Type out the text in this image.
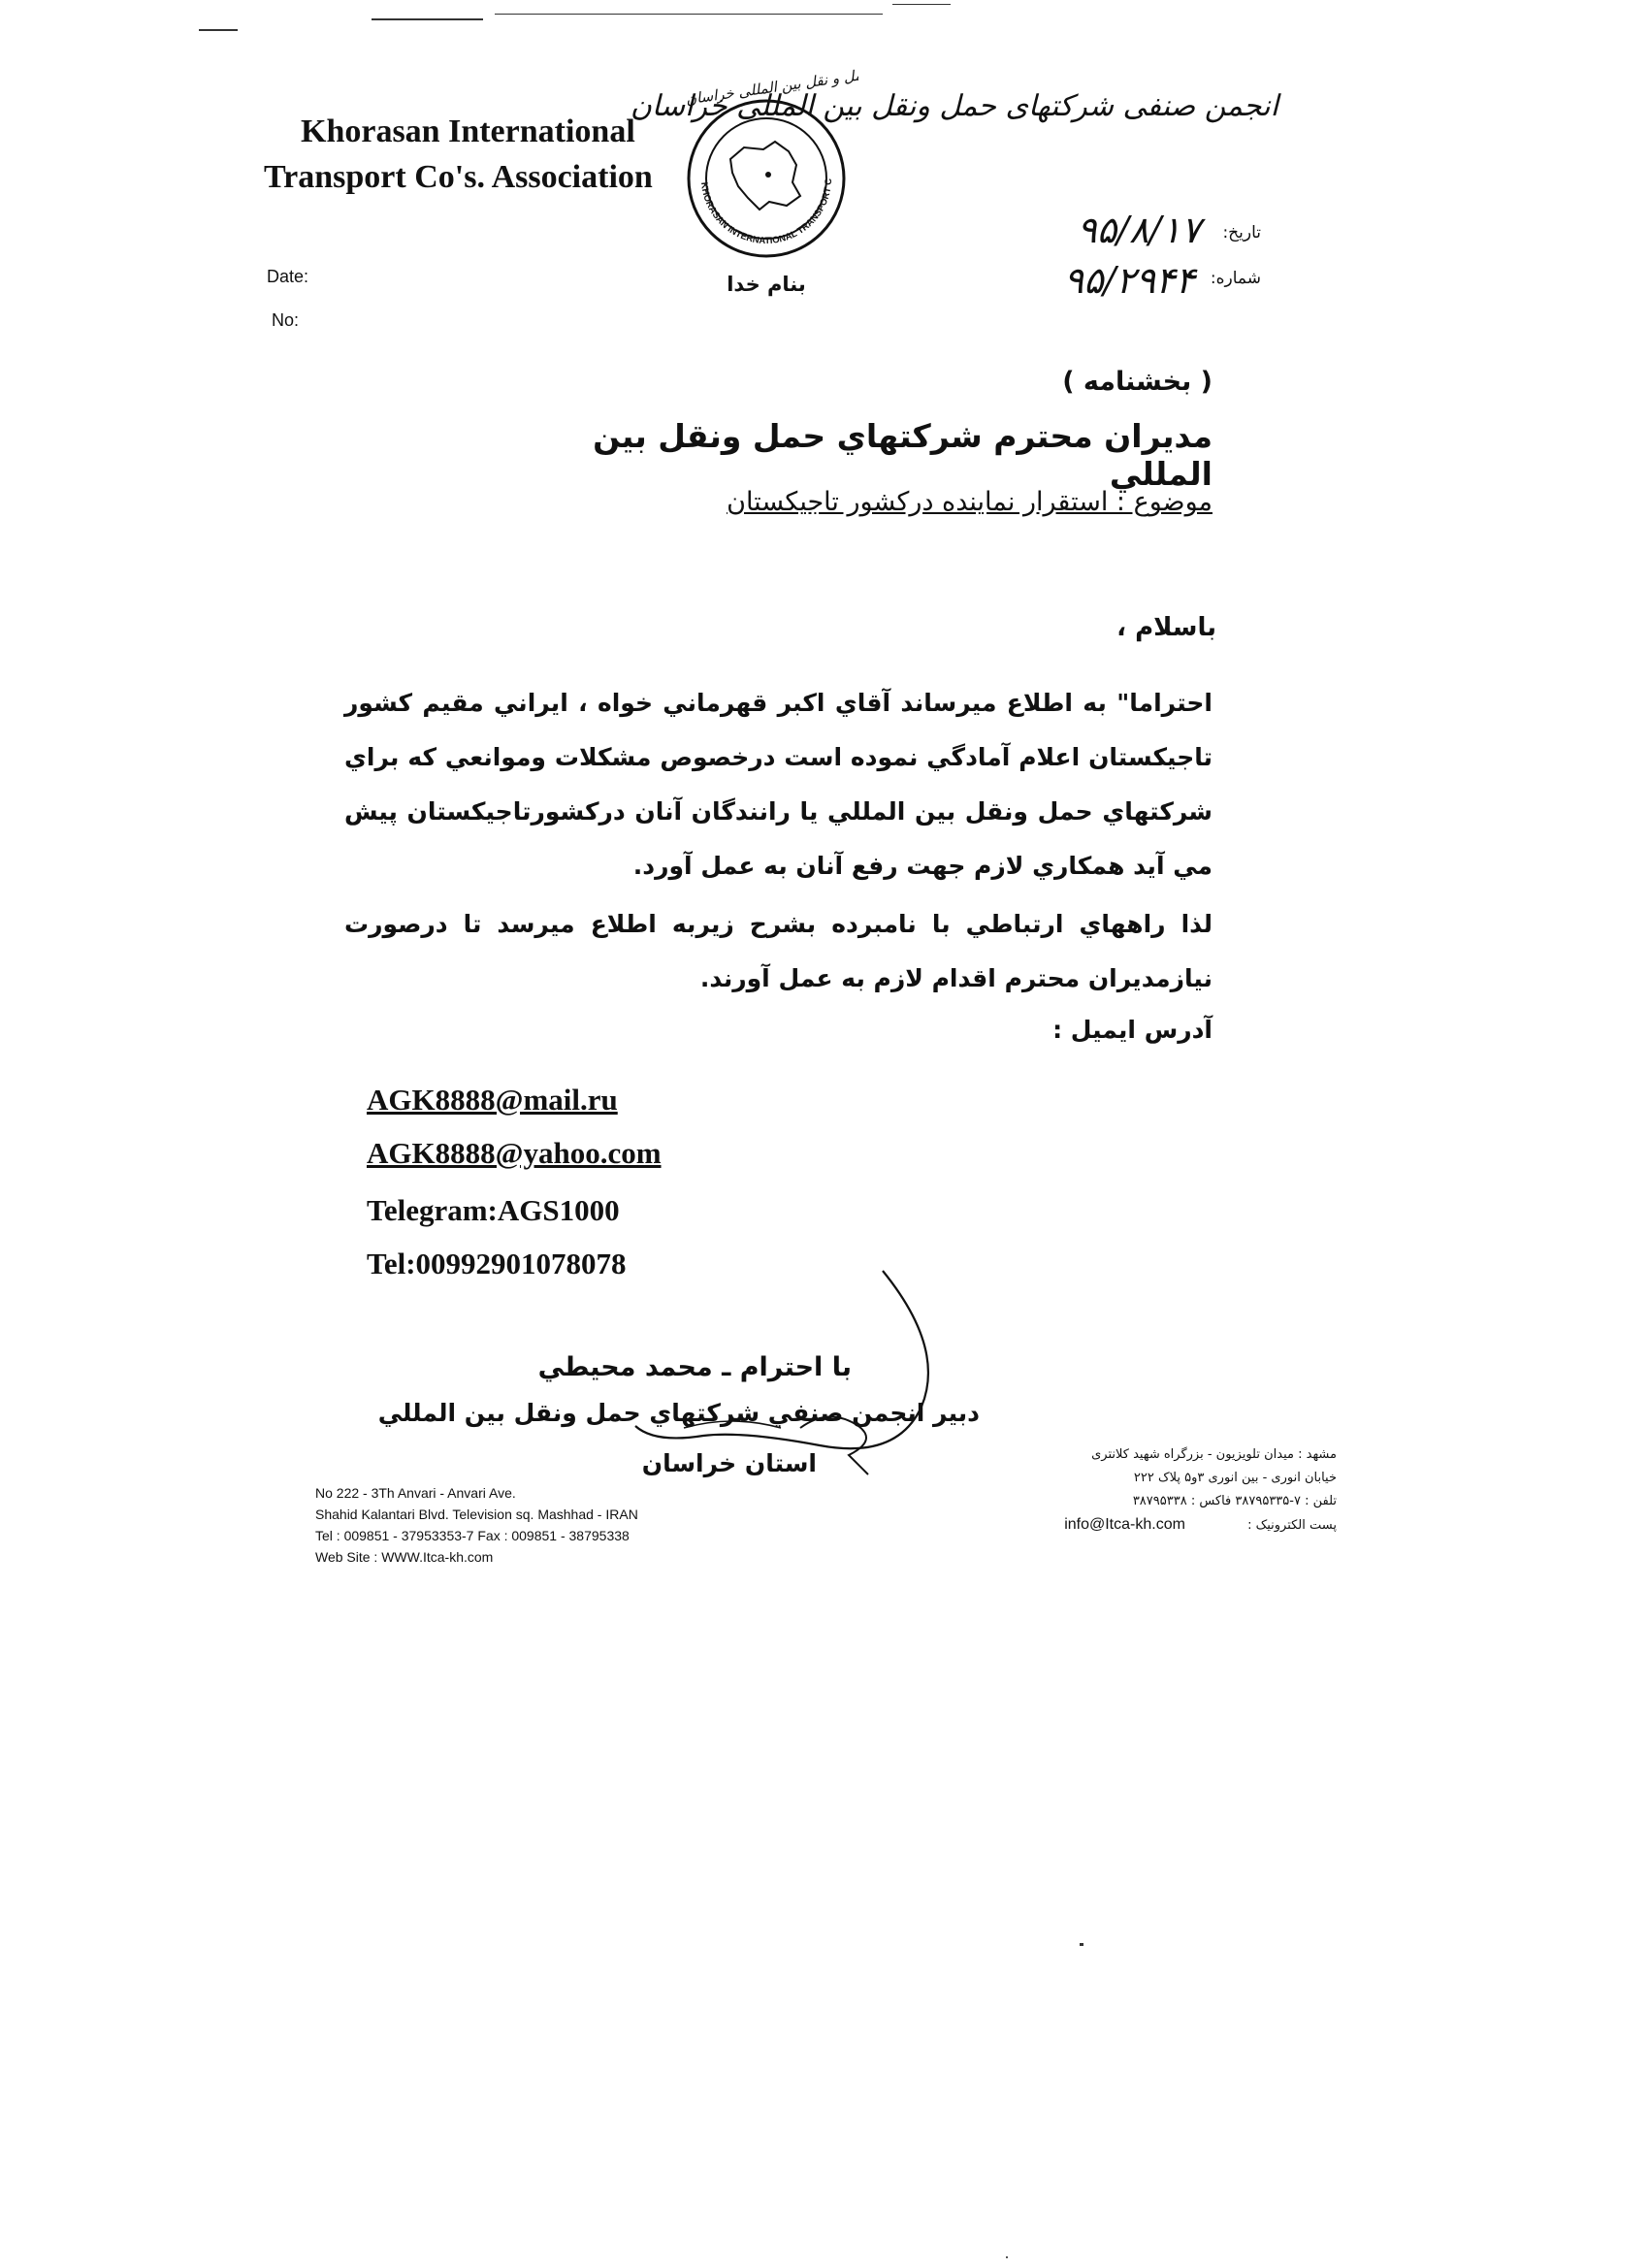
Khorasan International
Transport Co's. Association
حمل و نقل بین المللی خراسان
KHORASAN INTERNATIONAL TRANSPORT C
انجمن صنفی شرکتهای حمل ونقل بین المللی خراسان
Date:
No:
بنام خدا
تاریخ:
۹۵/۸/۱۷
شماره:
۹۵/۲۹۴۴
( بخشنامه )
مديران محترم شركتهاي حمل ونقل بين المللي
موضوع : استقرار نماينده دركشور تاجيكستان
باسلام ،
احتراما" به اطلاع ميرساند آقاي اكبر قهرماني خواه ، ايراني مقيم كشور تاجيكستان اعلام آمادگي نموده است درخصوص مشكلات وموانعي كه براي شركتهاي حمل ونقل بين المللي يا رانندگان آنان دركشورتاجيكستان پيش مي آيد همكاري لازم جهت رفع آنان به عمل آورد.
لذا راههاي ارتباطي با نامبرده بشرح زيربه اطلاع ميرسد تا درصورت نيازمديران محترم اقدام لازم به عمل آورند.
آدرس ايميل :
AGK8888@mail.ru
AGK8888@yahoo.com
Telegram:AGS1000
Tel:00992901078078
با احترام ـ محمد محيطي
دبير انجمن صنفي شركتهاي حمل ونقل بين المللي
استان خراسان
No 222 - 3Th Anvari - Anvari Ave.
Shahid Kalantari Blvd. Television sq. Mashhad - IRAN
Tel : 009851 - 37953353-7 Fax : 009851 - 38795338
Web Site : WWW.Itca-kh.com
مشهد : میدان تلویزیون - بزرگراه شهید کلانتری
خیابان انوری - بین انوری ۳و۵ پلاک ۲۲۲
تلفن : ۷-۳۸۷۹۵۳۳۵ فاکس : ۳۸۷۹۵۳۳۸
پست الکترونیک : info@Itca-kh.com
